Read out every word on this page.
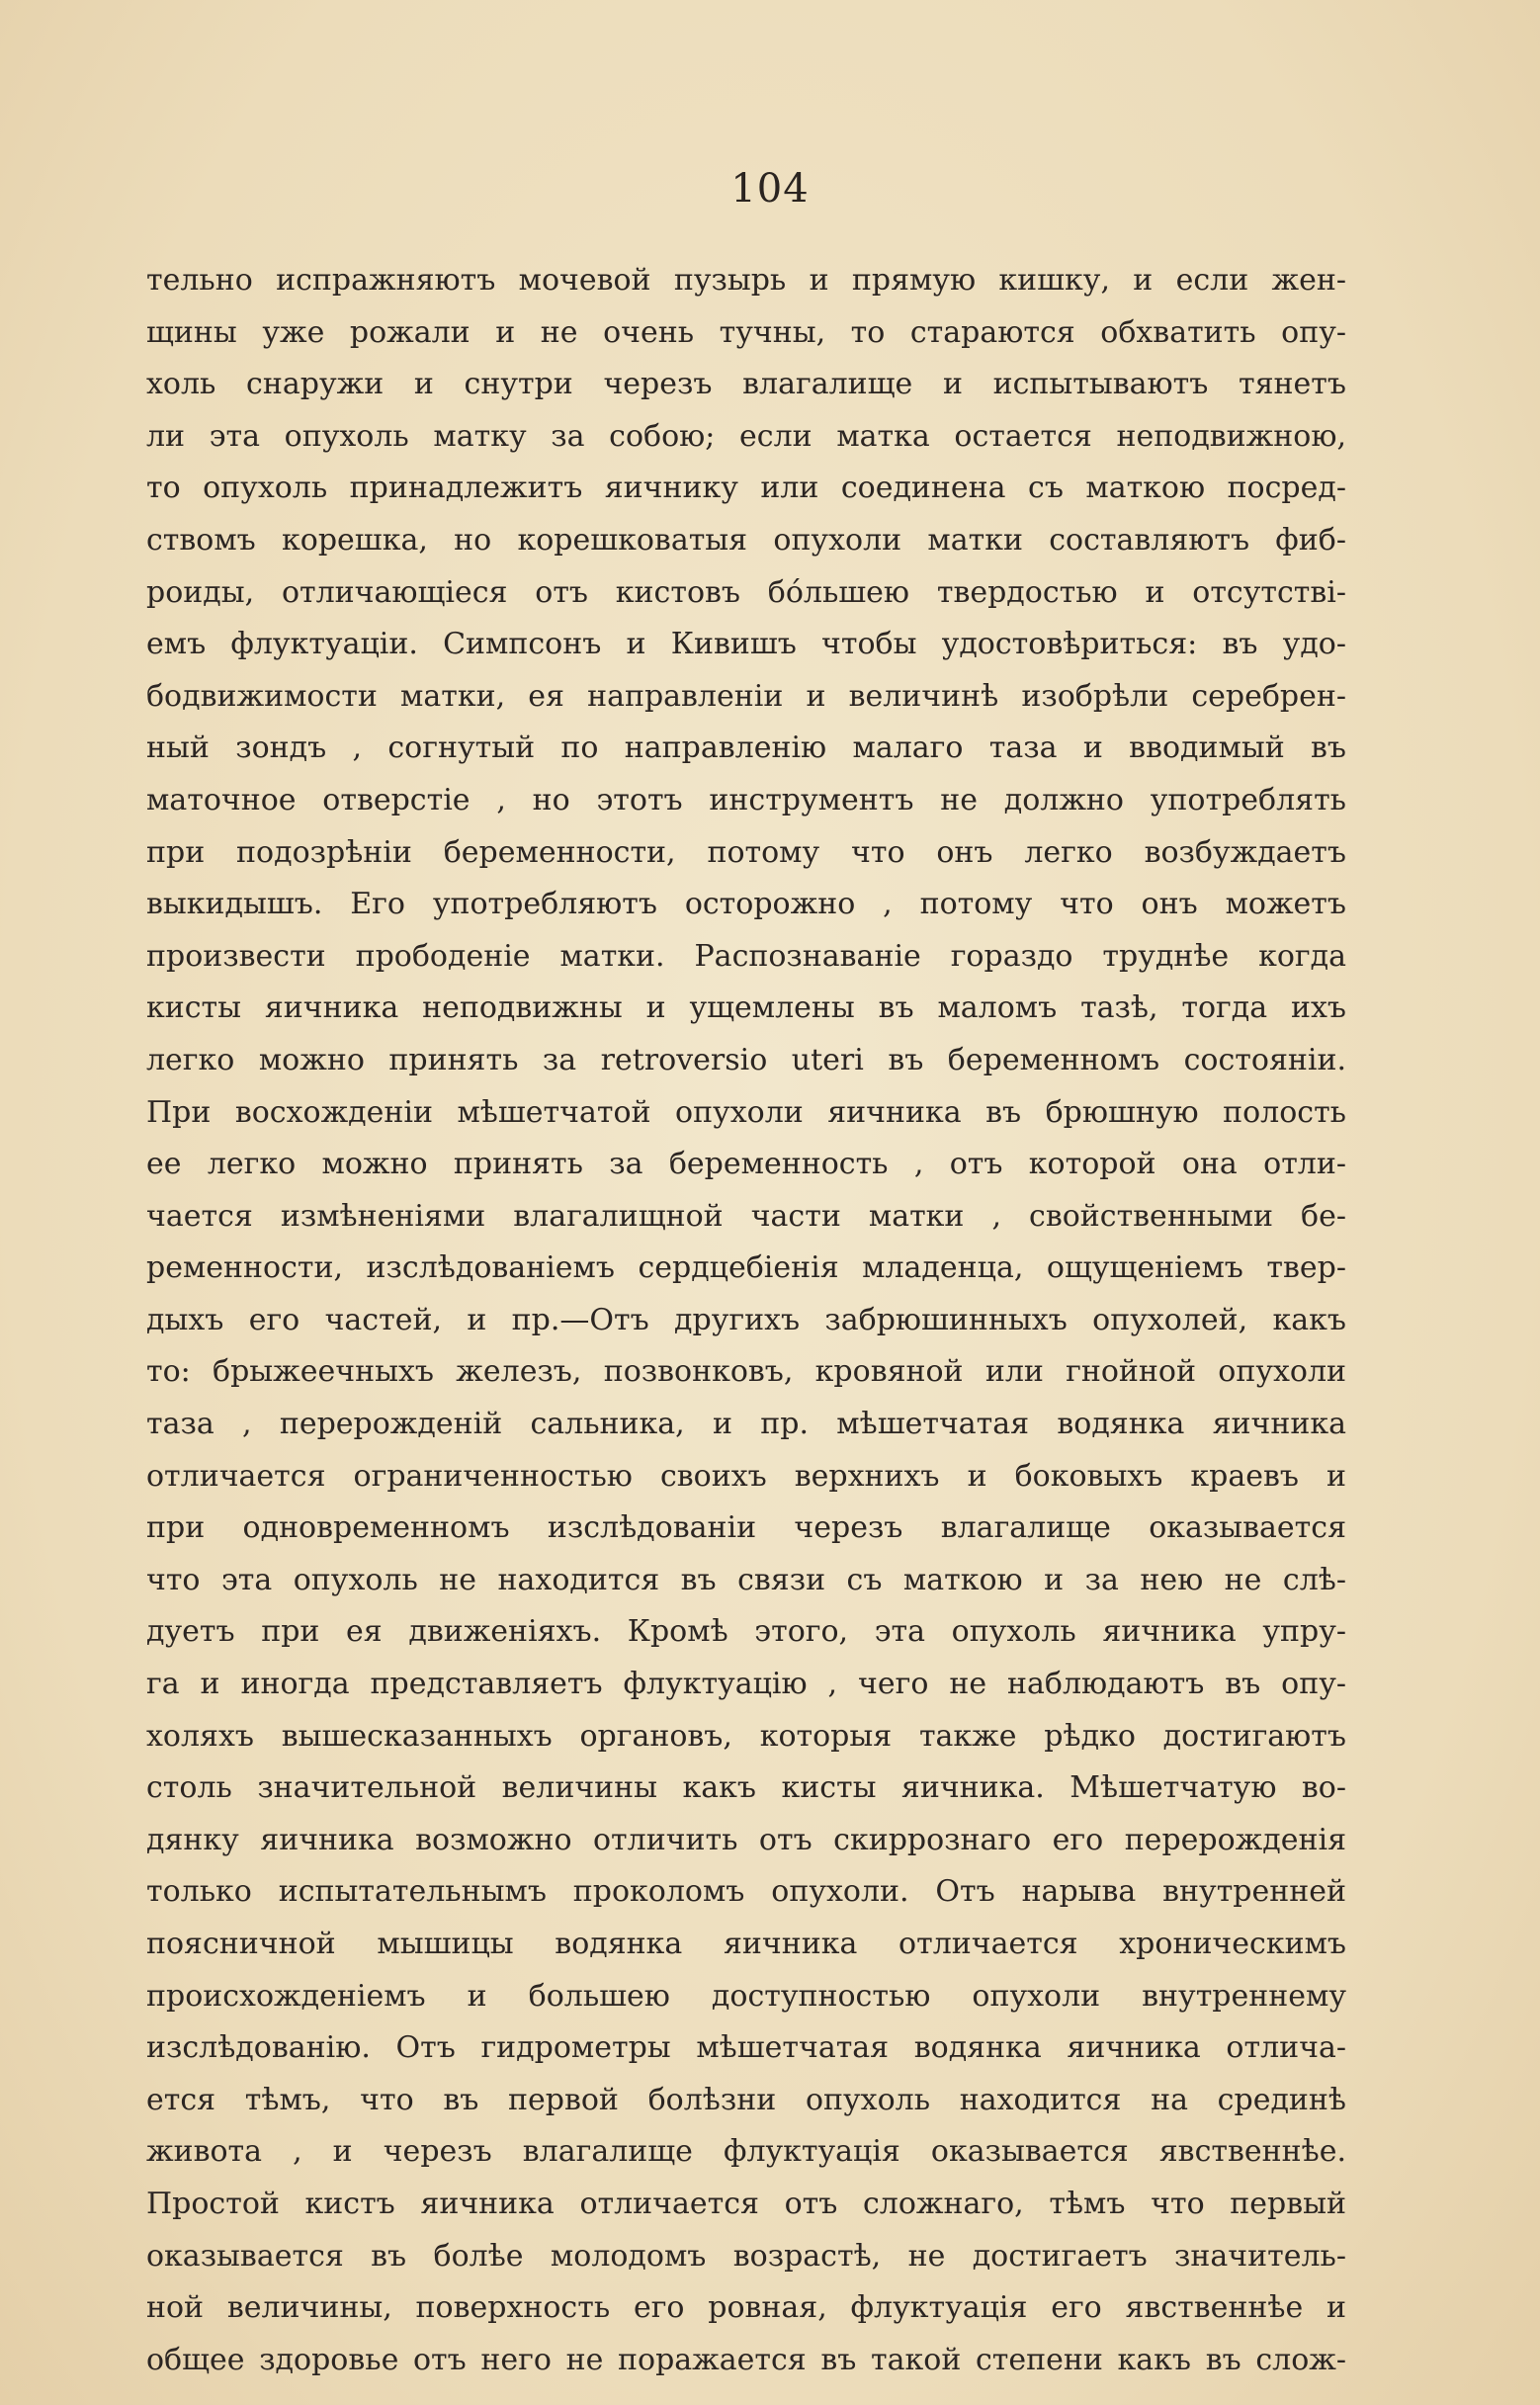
104
тельно испражняютъ мочевой пузырь и прямую кишку, и если жен-
щины уже рожали и не очень тучны, то стараются обхватить опу-
холь снаружи и снутри черезъ влагалище и испытываютъ тянетъ
ли эта опухоль матку за собою; если матка остается неподвижною,
то опухоль принадлежитъ яичнику или соединена съ маткою посред-
ствомъ корешка, но корешковатыя опухоли матки составляютъ фиб-
роиды, отличающіеся отъ кистовъ бóльшею твердостью и отсутстві-
емъ флуктуаціи. Симпсонъ и Кивишъ чтобы удостовѣриться: въ удо-
бодвижимости матки, ея направленіи и величинѣ изобрѣли серебрен-
ный зондъ , согнутый по направленію малаго таза и вводимый въ
маточное отверстіе , но этотъ инструментъ не должно употреблять
при подозрѣніи беременности, потому что онъ легко возбуждаетъ
выкидышъ. Его употребляютъ осторожно , потому что онъ можетъ
произвести прободеніе матки. Распознаваніе гораздо труднѣе когда
кисты яичника неподвижны и ущемлены въ маломъ тазѣ, тогда ихъ
легко можно принять за retroversio uteri въ беременномъ состояніи.
При восхожденіи мѣшетчатой опухоли яичника въ брюшную полость
ее легко можно принять за беременность , отъ которой она отли-
чается измѣненіями влагалищной части матки , свойственными бе-
ременности, изслѣдованіемъ сердцебіенія младенца, ощущеніемъ твер-
дыхъ его частей, и пр.—Отъ другихъ забрюшинныхъ опухолей, какъ
то: брыжеечныхъ железъ, позвонковъ, кровяной или гнойной опухоли
таза , перерожденій сальника, и пр. мѣшетчатая водянка яичника
отличается ограниченностью своихъ верхнихъ и боковыхъ краевъ и
при одновременномъ изслѣдованіи черезъ влагалище оказывается
что эта опухоль не находится въ связи съ маткою и за нею не слѣ-
дуетъ при ея движеніяхъ. Кромѣ этого, эта опухоль яичника упру-
га и иногда представляетъ флуктуацію , чего не наблюдаютъ въ опу-
холяхъ вышесказанныхъ органовъ, которыя также рѣдко достигаютъ
столь значительной величины какъ кисты яичника. Мѣшетчатую во-
дянку яичника возможно отличить отъ скиррознаго его перерожденія
только испытательнымъ проколомъ опухоли. Отъ нарыва внутренней
поясничной мышицы водянка яичника отличается хроническимъ
происхожденіемъ и большею доступностью опухоли внутреннему
изслѣдованію. Отъ гидрометры мѣшетчатая водянка яичника отлича-
ется тѣмъ, что въ первой болѣзни опухоль находится на срединѣ
живота , и черезъ влагалище флуктуація оказывается явственнѣе.
Простой кистъ яичника отличается отъ сложнаго, тѣмъ что первый
оказывается въ болѣе молодомъ возрастѣ, не достигаетъ значитель-
ной величины, поверхность его ровная, флуктуація его явственнѣе и
общее здоровье отъ него не поражается въ такой степени какъ въ слож-
